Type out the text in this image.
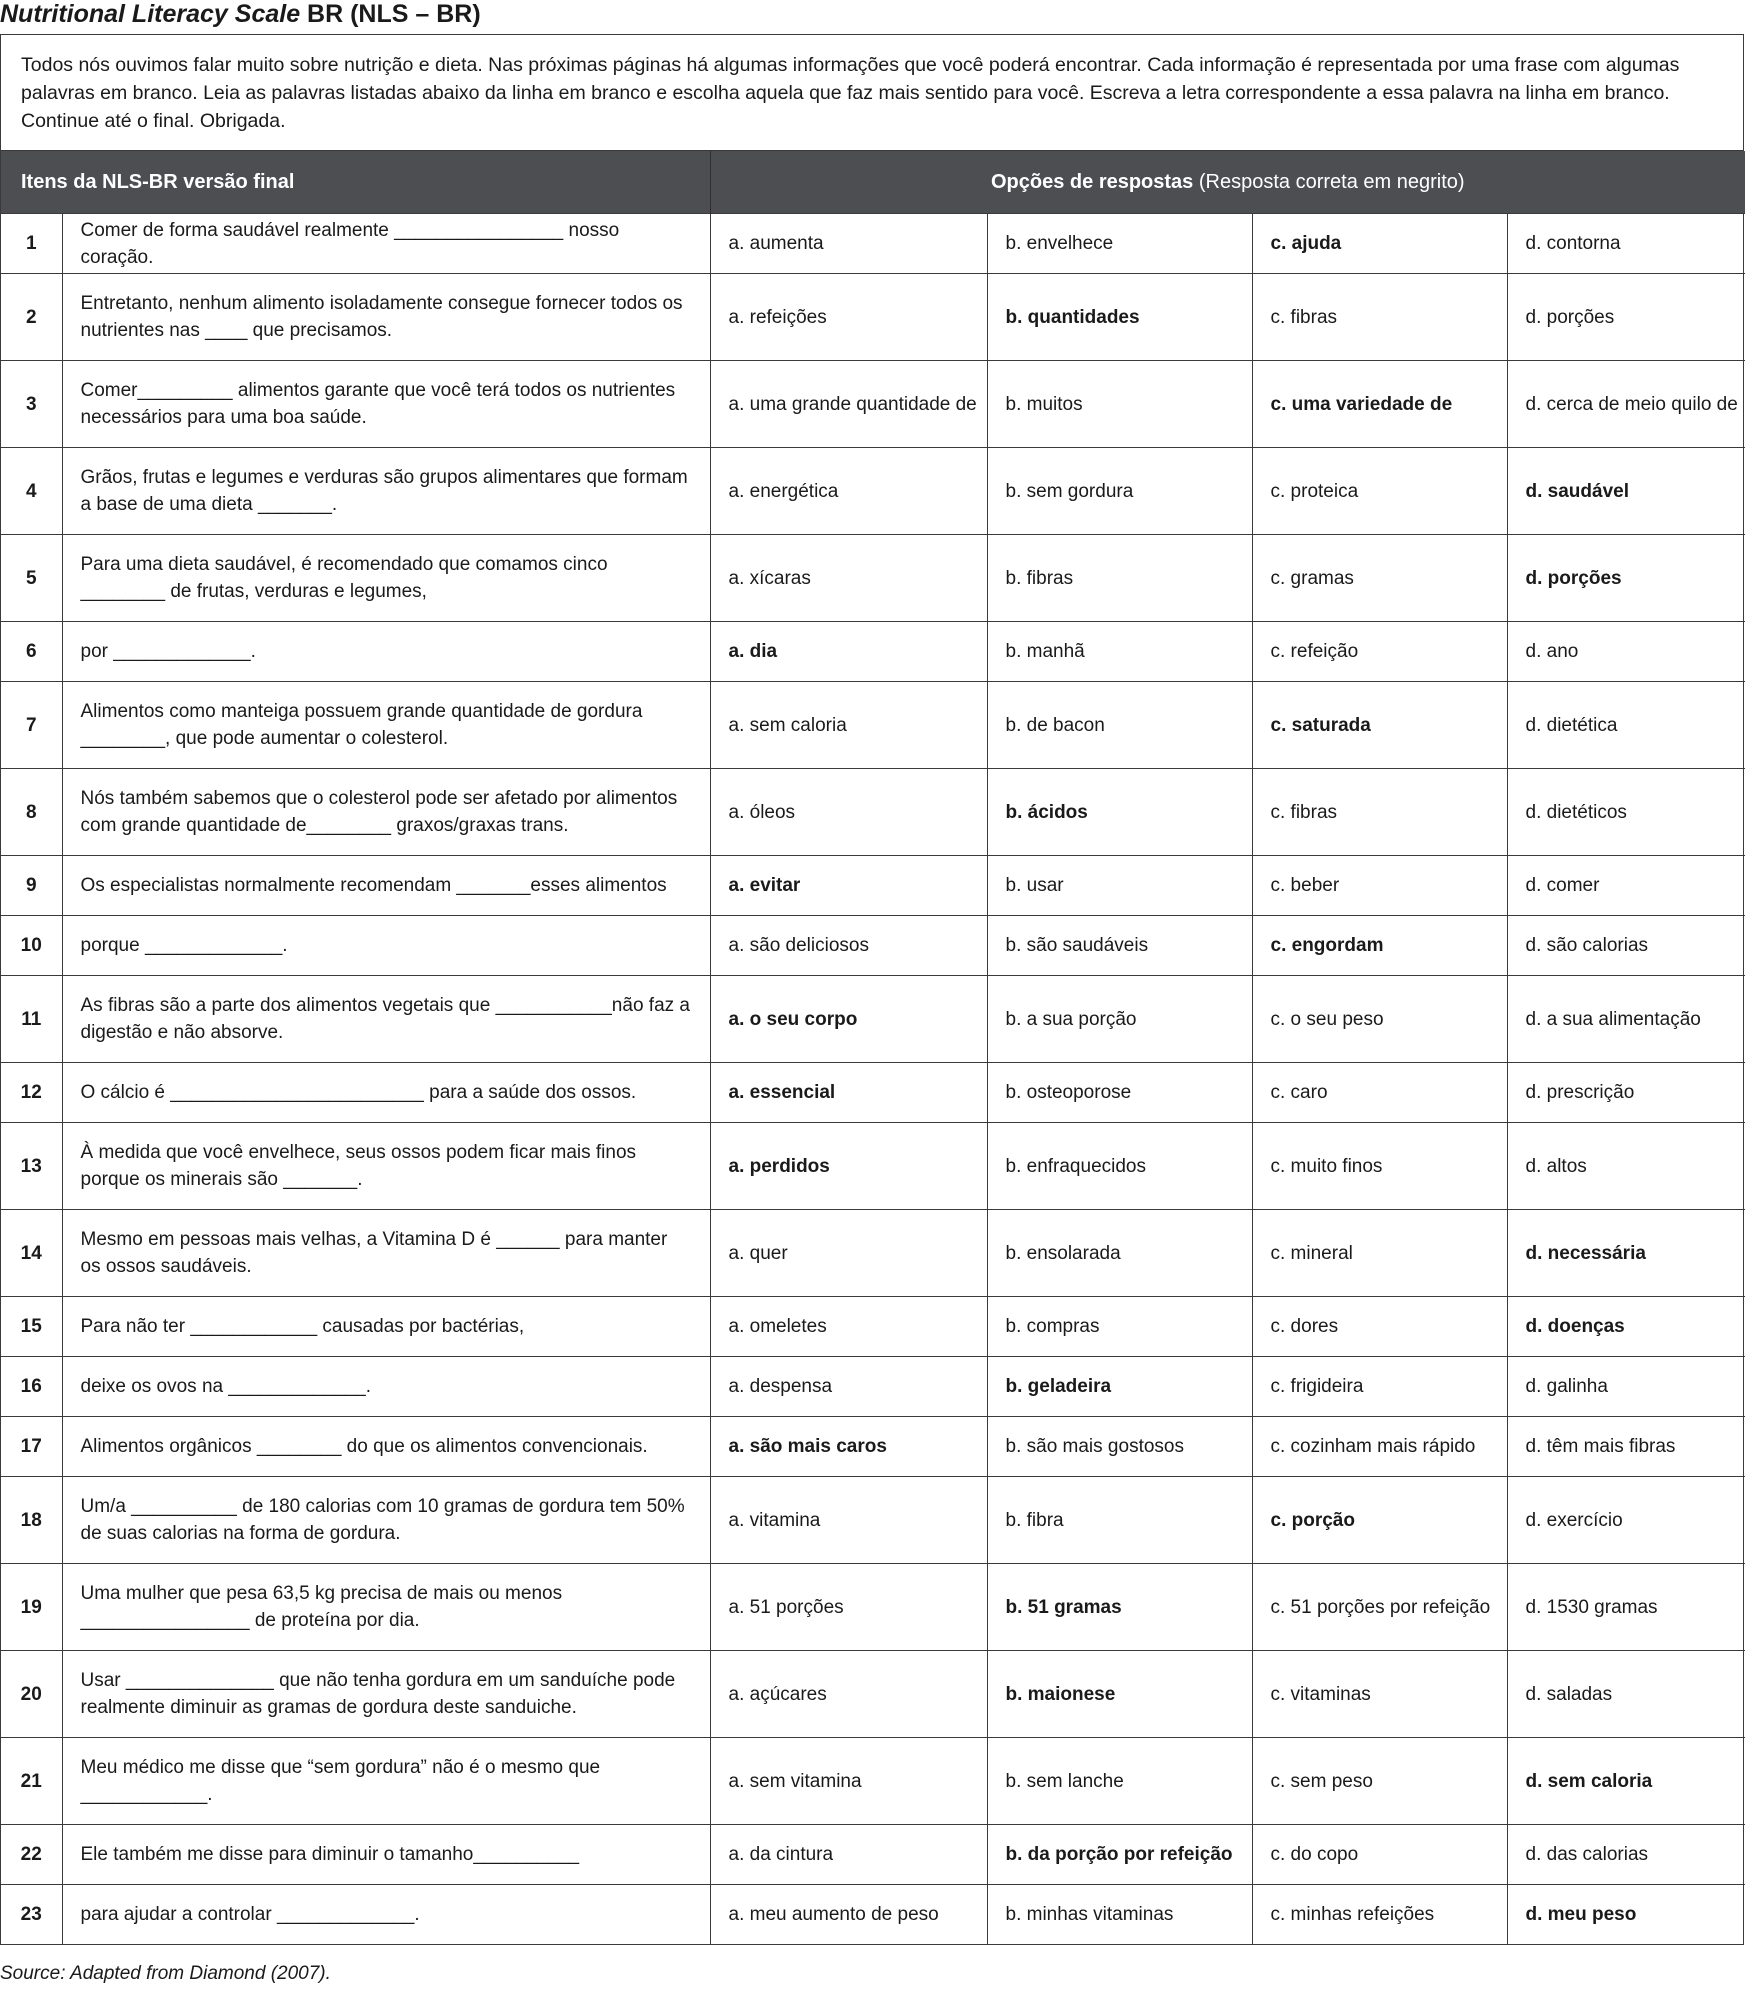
Nutritional Literacy Scale BR (NLS – BR)
Todos nós ouvimos falar muito sobre nutrição e dieta. Nas próximas páginas há algumas informações que você poderá encontrar. Cada informação é representada por uma frase com algumas palavras em branco. Leia as palavras listadas abaixo da linha em branco e escolha aquela que faz mais sentido para você. Escreva a letra correspondente a essa palavra na linha em branco. Continue até o final. Obrigada.
Itens da NLS-BR versão final		Opções de respostas (Resposta correta em negrito)			
1	Comer de forma saudável realmente ________________ nosso coração.	a. aumenta	b. envelhece	c. ajuda	d. contorna
2	Entretanto, nenhum alimento isoladamente consegue fornecer todos os nutrientes nas ____ que precisamos.	a. refeições	b. quantidades	c. fibras	d. porções
3	Comer_________ alimentos garante que você terá todos os nutrientes necessários para uma boa saúde.	a. uma grande quantidade de	b. muitos	c. uma variedade de	d. cerca de meio quilo de
4	Grãos, frutas e legumes e verduras são grupos alimentares que formam a base de uma dieta _______.	a. energética	b. sem gordura	c. proteica	d. saudável
5	Para uma dieta saudável, é recomendado que comamos cinco ________ de frutas, verduras e legumes,	a. xícaras	b. fibras	c. gramas	d. porções
6	por _____________.	a. dia	b. manhã	c. refeição	d. ano
7	Alimentos como manteiga possuem grande quantidade de gordura ________, que pode aumentar o colesterol.	a. sem caloria	b. de bacon	c. saturada	d. dietética
8	Nós também sabemos que o colesterol pode ser afetado por alimentos com grande quantidade de________ graxos/graxas trans.	a. óleos	b. ácidos	c. fibras	d. dietéticos
9	Os especialistas normalmente recomendam _______esses alimentos	a. evitar	b. usar	c. beber	d. comer
10	porque _____________.	a. são deliciosos	b. são saudáveis	c. engordam	d. são calorias
11	As fibras são a parte dos alimentos vegetais que ___________não faz a digestão e não absorve.	a. o seu corpo	b. a sua porção	c. o seu peso	d. a sua alimentação
12	O cálcio é ________________________ para a saúde dos ossos.	a. essencial	b. osteoporose	c. caro	d. prescrição
13	À medida que você envelhece, seus ossos podem ficar mais finos porque os minerais são _______.	a. perdidos	b. enfraquecidos	c. muito finos	d. altos
14	Mesmo em pessoas mais velhas, a Vitamina D é ______ para manter os ossos saudáveis.	a. quer	b. ensolarada	c. mineral	d. necessária
15	Para não ter ____________ causadas por bactérias,	a. omeletes	b. compras	c. dores	d. doenças
16	deixe os ovos na _____________.	a. despensa	b. geladeira	c. frigideira	d. galinha
17	Alimentos orgânicos ________ do que os alimentos convencionais.	a. são mais caros	b. são mais gostosos	c. cozinham mais rápido	d. têm mais fibras
18	Um/a __________ de 180 calorias com 10 gramas de gordura tem 50% de suas calorias na forma de gordura.	a. vitamina	b. fibra	c. porção	d. exercício
19	Uma mulher que pesa 63,5 kg precisa de mais ou menos ________________ de proteína por dia.	a. 51 porções	b. 51 gramas	c. 51 porções por refeição	d. 1530 gramas
20	Usar ______________ que não tenha gordura em um sanduíche pode realmente diminuir as gramas de gordura deste sanduiche.	a. açúcares	b. maionese	c. vitaminas	d. saladas
21	Meu médico me disse que “sem gordura” não é o mesmo que ____________.	a. sem vitamina	b. sem lanche	c. sem peso	d. sem caloria
22	Ele também me disse para diminuir o tamanho__________	a. da cintura	b. da porção por refeição	c. do copo	d. das calorias
23	para ajudar a controlar _____________.	a. meu aumento de peso	b. minhas vitaminas	c. minhas refeições	d. meu peso
Source: Adapted from Diamond (2007).
